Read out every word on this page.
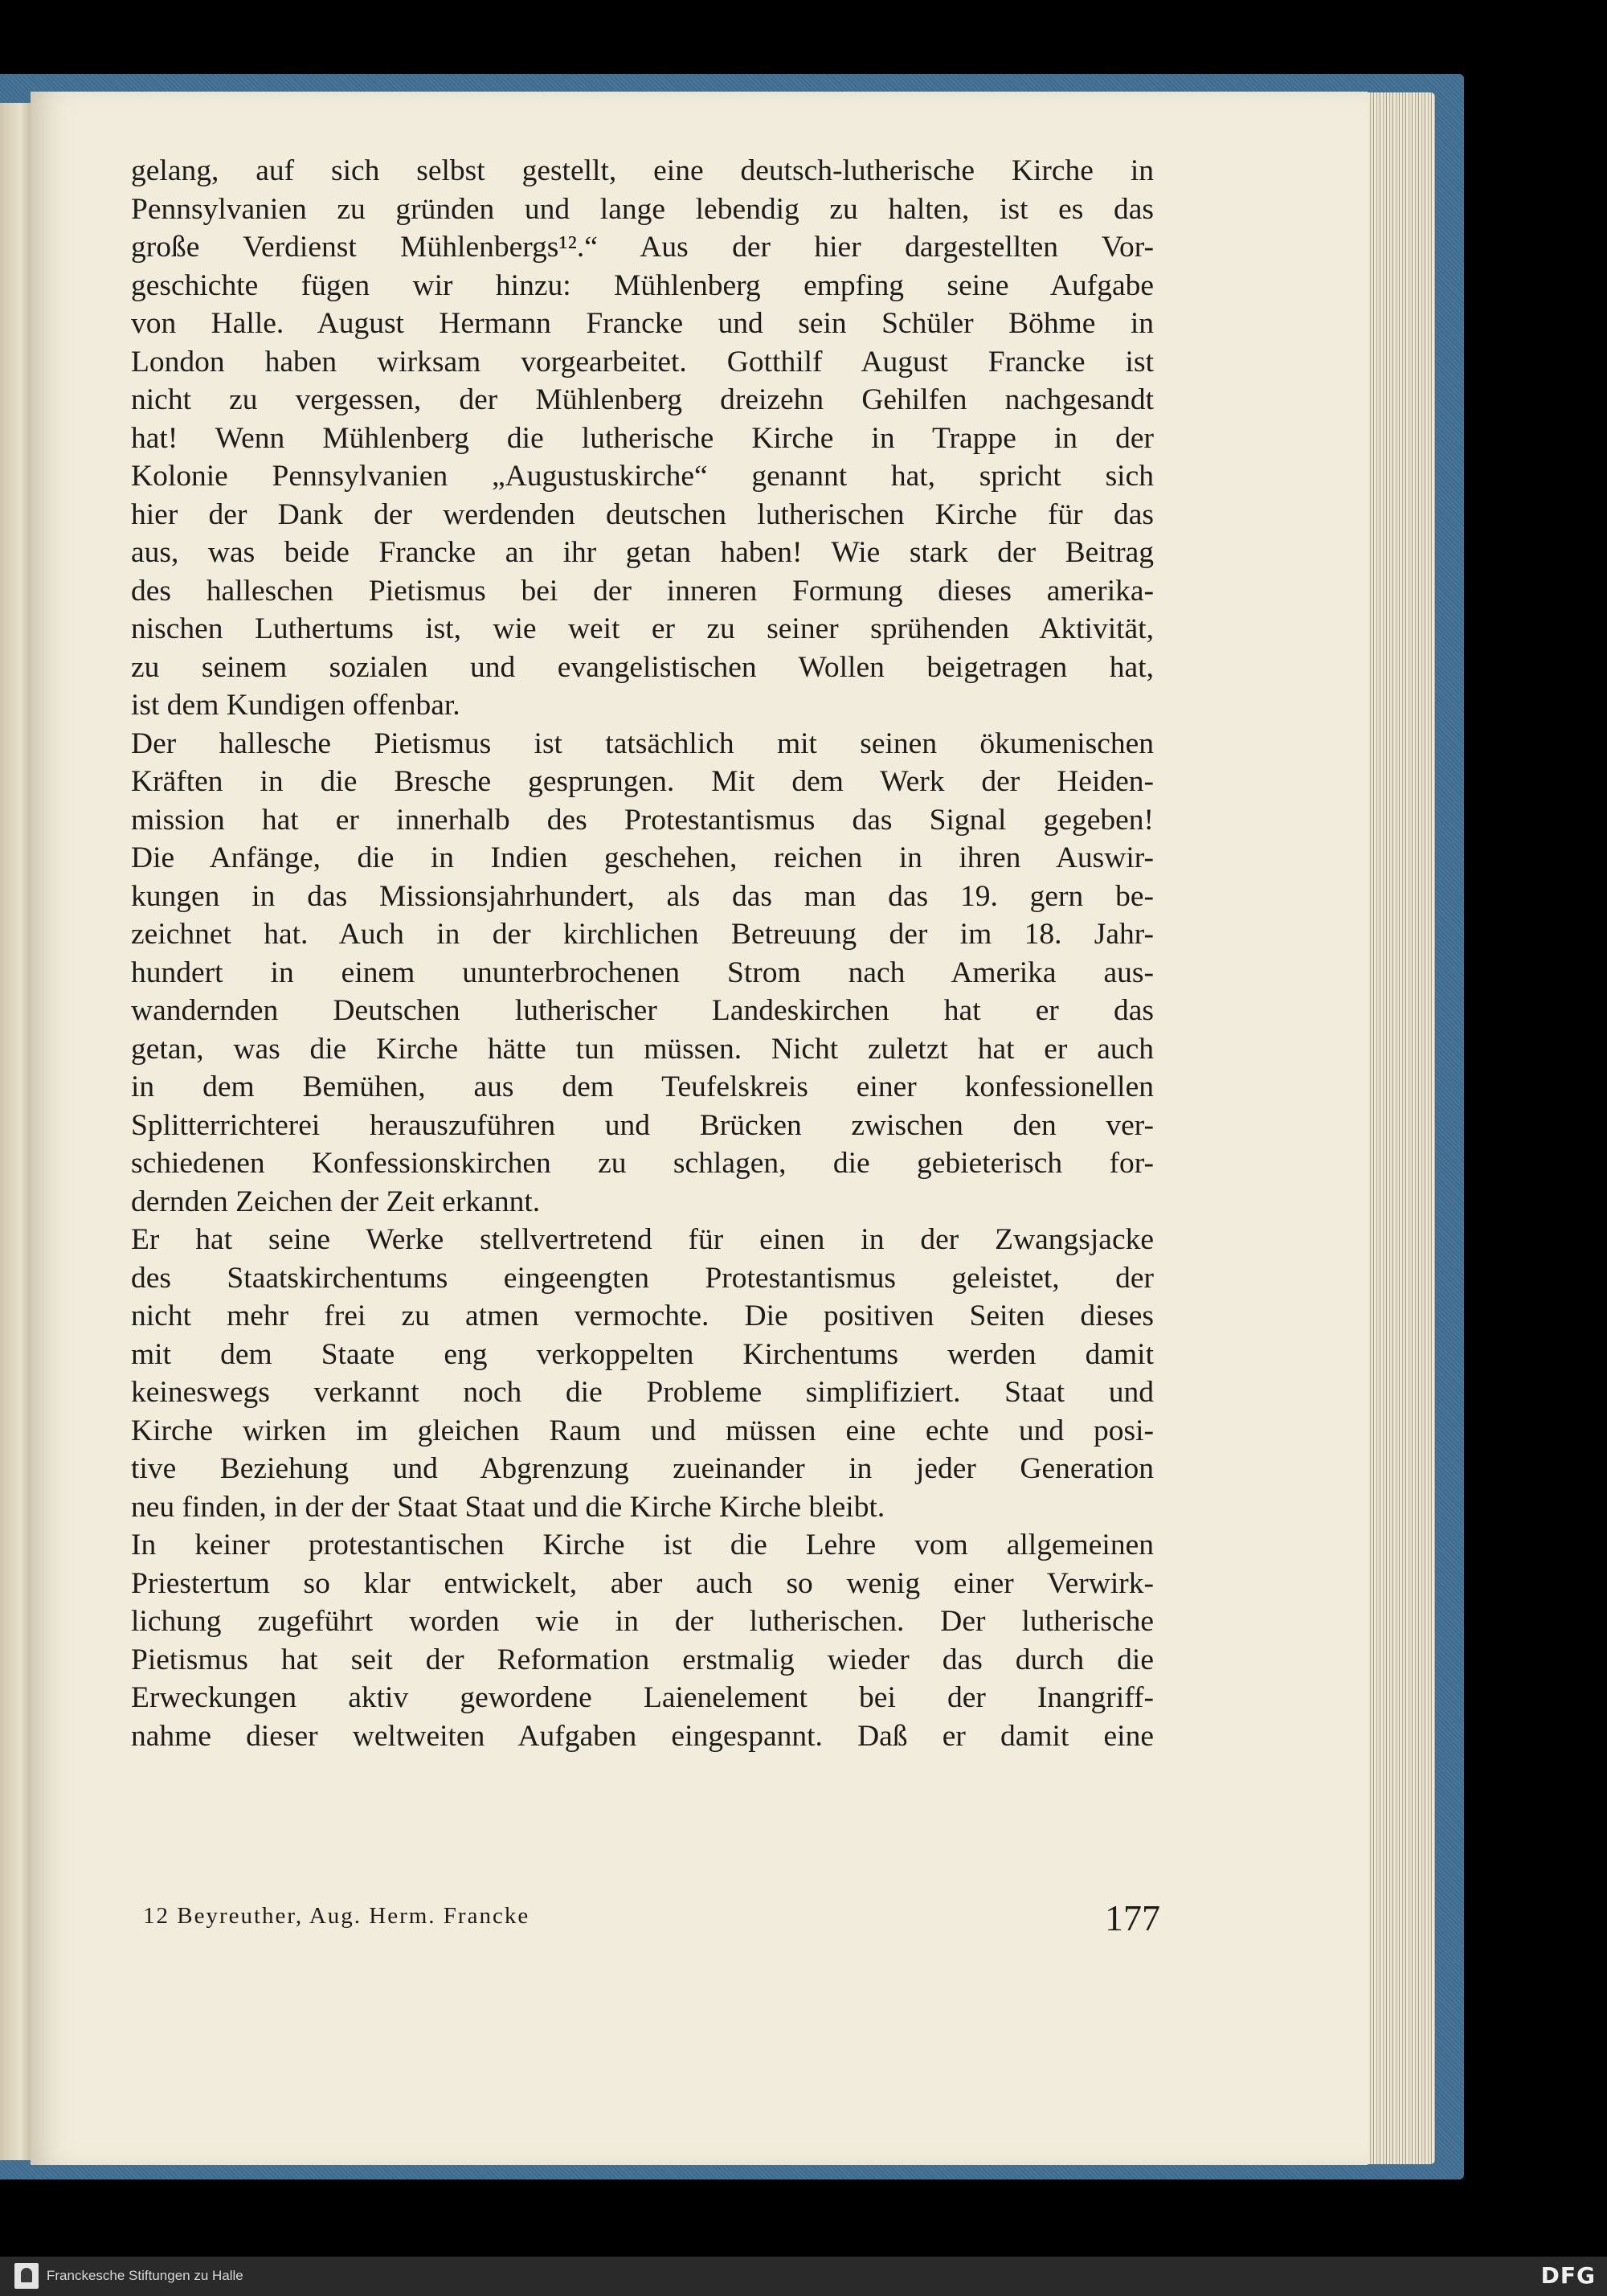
gelang, auf sich selbst gestellt, eine deutsch-lutherische Kirche in
Pennsylvanien zu gründen und lange lebendig zu halten, ist es das
große Verdienst Mühlenbergs¹².“ Aus der hier dargestellten Vor-
geschichte fügen wir hinzu: Mühlenberg empfing seine Aufgabe
von Halle. August Hermann Francke und sein Schüler Böhme in
London haben wirksam vorgearbeitet. Gotthilf August Francke ist
nicht zu vergessen, der Mühlenberg dreizehn Gehilfen nachgesandt
hat! Wenn Mühlenberg die lutherische Kirche in Trappe in der
Kolonie Pennsylvanien „Augustuskirche“ genannt hat, spricht sich
hier der Dank der werdenden deutschen lutherischen Kirche für das
aus, was beide Francke an ihr getan haben! Wie stark der Beitrag
des halleschen Pietismus bei der inneren Formung dieses amerika-
nischen Luthertums ist, wie weit er zu seiner sprühenden Aktivität,
zu seinem sozialen und evangelistischen Wollen beigetragen hat,
ist dem Kundigen offenbar.
Der hallesche Pietismus ist tatsächlich mit seinen ökumenischen
Kräften in die Bresche gesprungen. Mit dem Werk der Heiden-
mission hat er innerhalb des Protestantismus das Signal gegeben!
Die Anfänge, die in Indien geschehen, reichen in ihren Auswir-
kungen in das Missionsjahrhundert, als das man das 19. gern be-
zeichnet hat. Auch in der kirchlichen Betreuung der im 18. Jahr-
hundert in einem ununterbrochenen Strom nach Amerika aus-
wandernden Deutschen lutherischer Landeskirchen hat er das
getan, was die Kirche hätte tun müssen. Nicht zuletzt hat er auch
in dem Bemühen, aus dem Teufelskreis einer konfessionellen
Splitterrichterei herauszuführen und Brücken zwischen den ver-
schiedenen Konfessionskirchen zu schlagen, die gebieterisch for-
dernden Zeichen der Zeit erkannt.
Er hat seine Werke stellvertretend für einen in der Zwangsjacke
des Staatskirchentums eingeengten Protestantismus geleistet, der
nicht mehr frei zu atmen vermochte. Die positiven Seiten dieses
mit dem Staate eng verkoppelten Kirchentums werden damit
keineswegs verkannt noch die Probleme simplifiziert. Staat und
Kirche wirken im gleichen Raum und müssen eine echte und posi-
tive Beziehung und Abgrenzung zueinander in jeder Generation
neu finden, in der der Staat Staat und die Kirche Kirche bleibt.
In keiner protestantischen Kirche ist die Lehre vom allgemeinen
Priestertum so klar entwickelt, aber auch so wenig einer Verwirk-
lichung zugeführt worden wie in der lutherischen. Der lutherische
Pietismus hat seit der Reformation erstmalig wieder das durch die
Erweckungen aktiv gewordene Laienelement bei der Inangriff-
nahme dieser weltweiten Aufgaben eingespannt. Daß er damit eine
12 Beyreuther, Aug. Herm. Francke	177
Franckesche Stiftungen zu Halle	DFG
